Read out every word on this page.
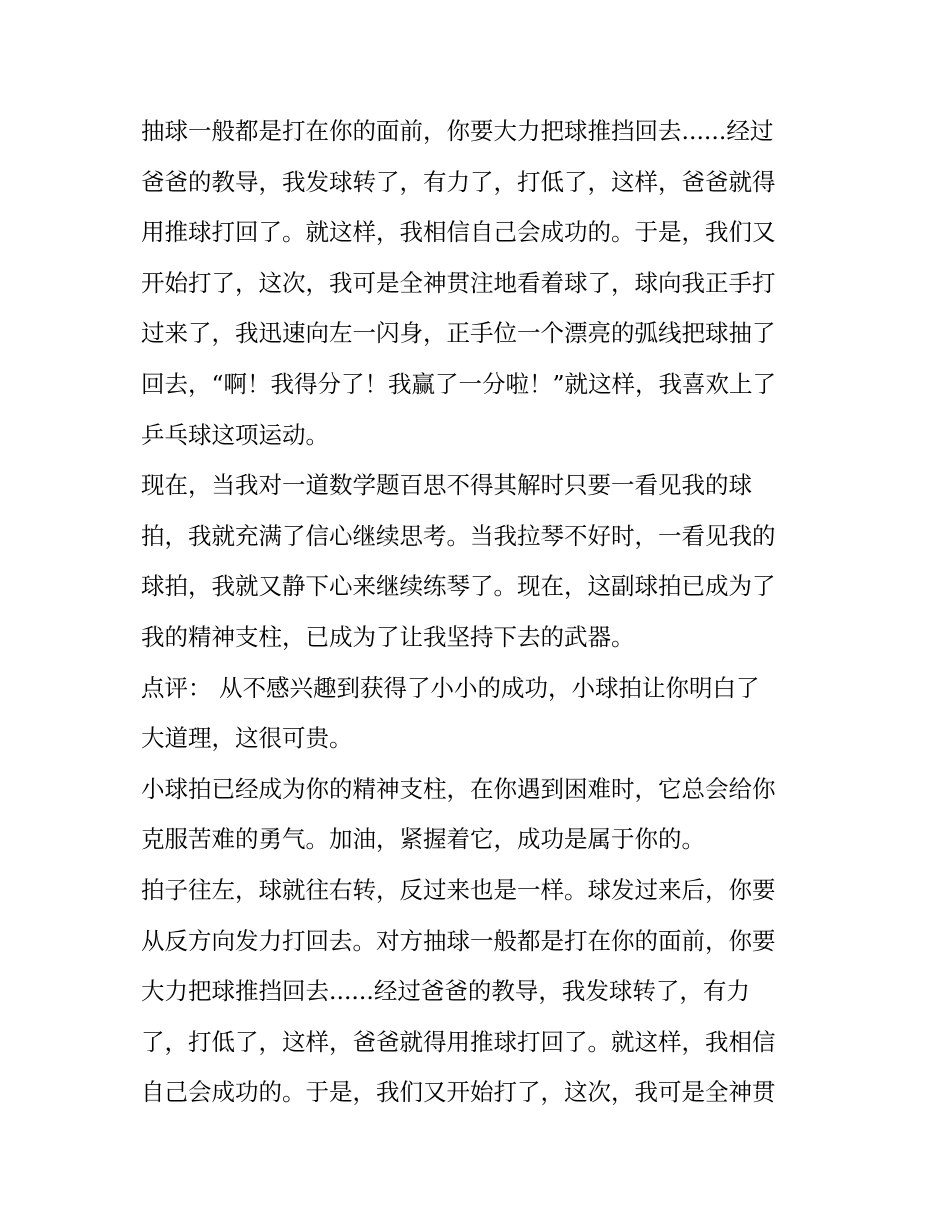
抽球一般都是打在你的面前，你要大力把球推挡回去......经过
爸爸的教导，我发球转了，有力了，打低了，这样，爸爸就得
用推球打回了。就这样，我相信自己会成功的。于是，我们又
开始打了，这次，我可是全神贯注地看着球了，球向我正手打
过来了，我迅速向左一闪身，正手位一个漂亮的弧线把球抽了
回去，“啊！我得分了！我赢了一分啦！”就这样，我喜欢上了
乒乓球这项运动。
现在，当我对一道数学题百思不得其解时只要一看见我的球
拍，我就充满了信心继续思考。当我拉琴不好时，一看见我的
球拍，我就又静下心来继续练琴了。现在，这副球拍已成为了
我的精神支柱，已成为了让我坚持下去的武器。
点评： 从不感兴趣到获得了小小的成功，小球拍让你明白了
大道理，这很可贵。
小球拍已经成为你的精神支柱，在你遇到困难时，它总会给你
克服苦难的勇气。加油，紧握着它，成功是属于你的。
拍子往左，球就往右转，反过来也是一样。球发过来后，你要
从反方向发力打回去。对方抽球一般都是打在你的面前，你要
大力把球推挡回去......经过爸爸的教导，我发球转了，有力
了，打低了，这样，爸爸就得用推球打回了。就这样，我相信
自己会成功的。于是，我们又开始打了，这次，我可是全神贯
